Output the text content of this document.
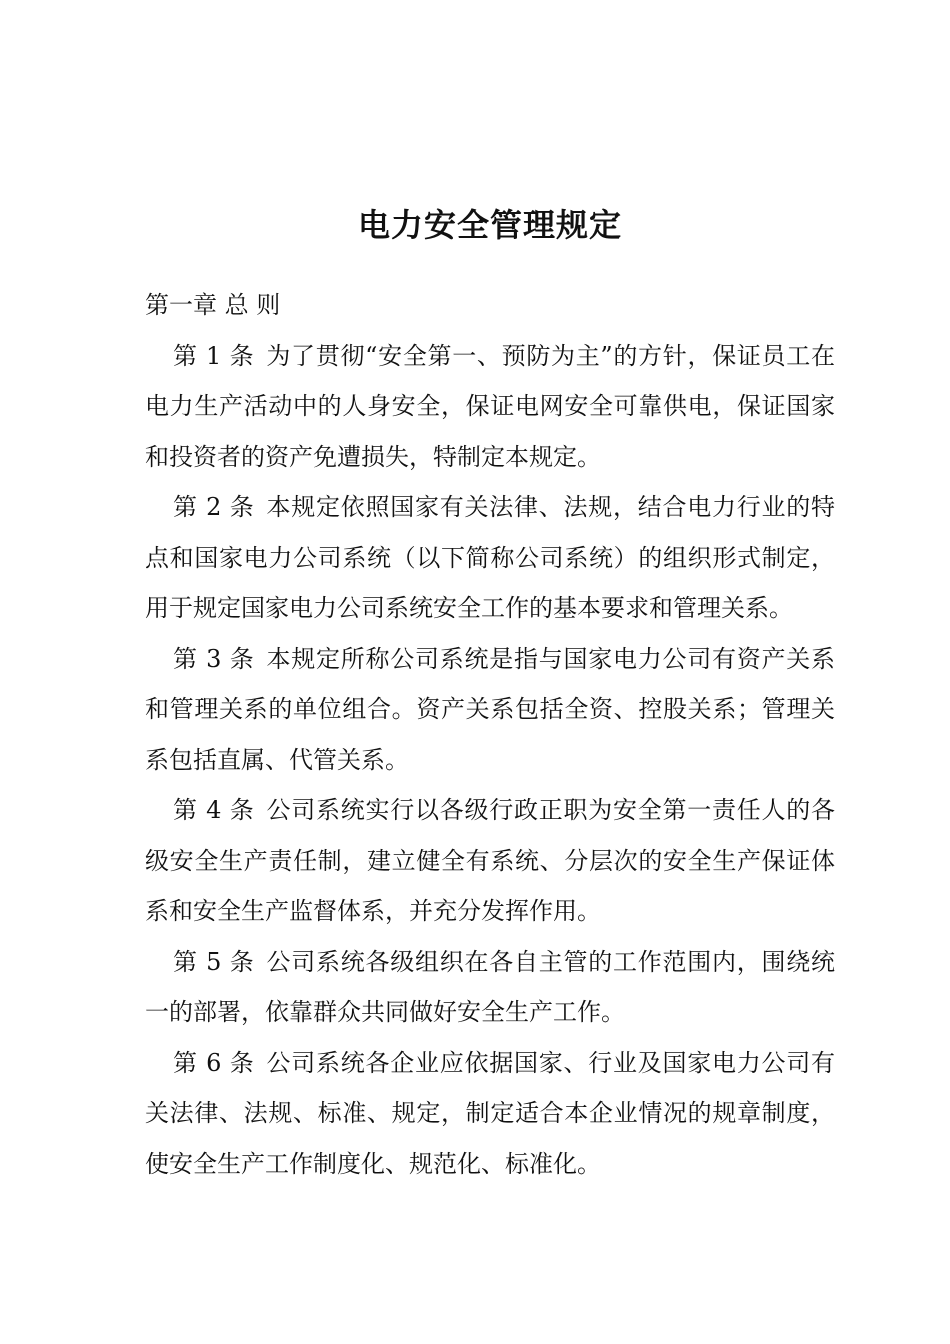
电力安全管理规定

第一章 总 则

第 1 条 为了贯彻“安全第一、预防为主”的方针，保证员工在电力生产活动中的人身安全，保证电网安全可靠供电，保证国家和投资者的资产免遭损失，特制定本规定。

第 2 条 本规定依照国家有关法律、法规，结合电力行业的特点和国家电力公司系统（以下简称公司系统）的组织形式制定，用于规定国家电力公司系统安全工作的基本要求和管理关系。

第 3 条 本规定所称公司系统是指与国家电力公司有资产关系和管理关系的单位组合。资产关系包括全资、控股关系；管理关系包括直属、代管关系。

第 4 条 公司系统实行以各级行政正职为安全第一责任人的各级安全生产责任制，建立健全有系统、分层次的安全生产保证体系和安全生产监督体系，并充分发挥作用。

第 5 条 公司系统各级组织在各自主管的工作范围内，围绕统一的部署，依靠群众共同做好安全生产工作。

第 6 条 公司系统各企业应依据国家、行业及国家电力公司有关法律、法规、标准、规定，制定适合本企业情况的规章制度，使安全生产工作制度化、规范化、标准化。
